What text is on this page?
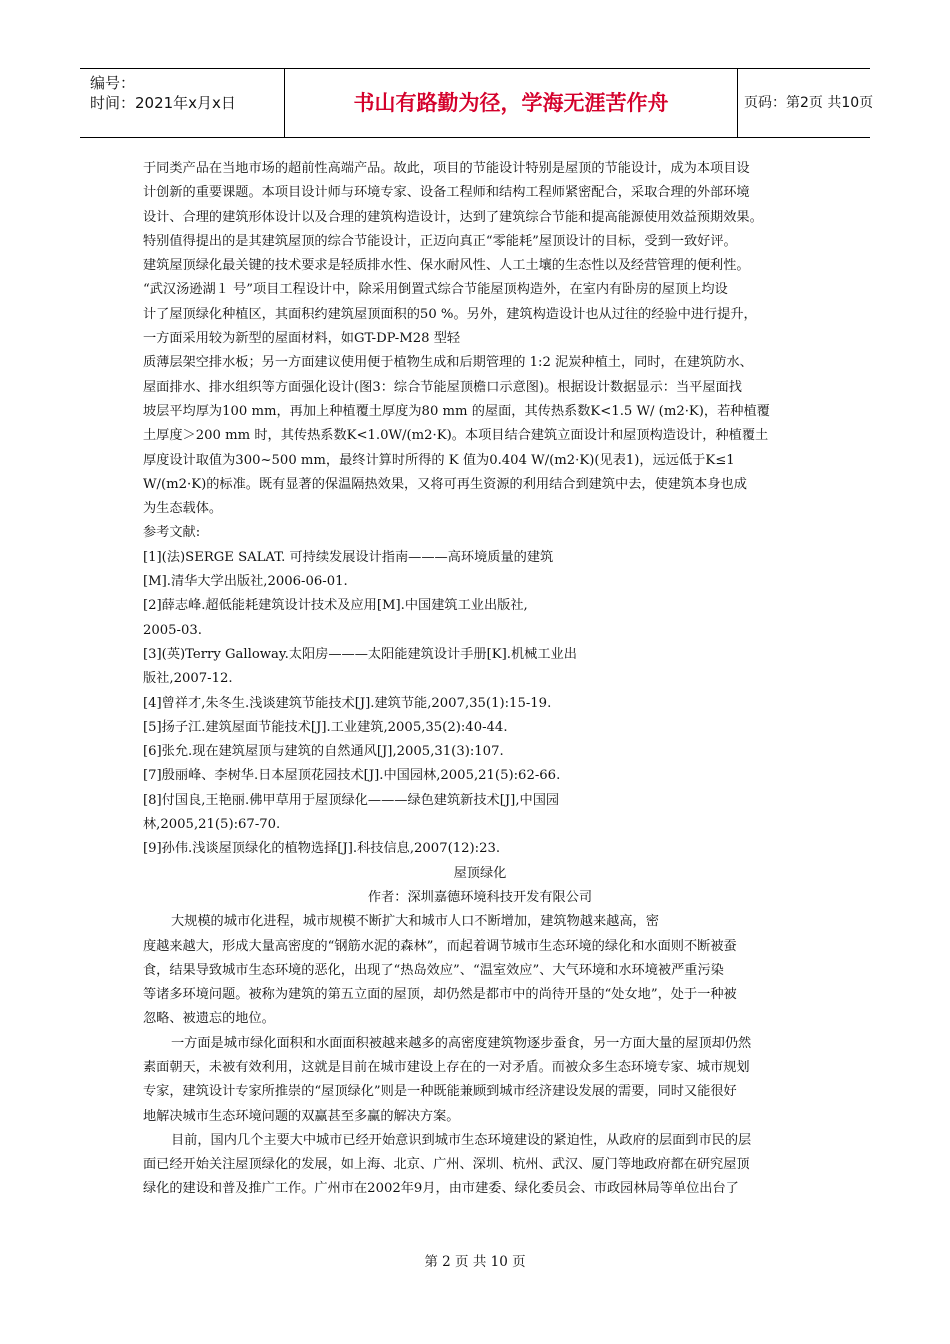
编号：
时间：2021年x月x日	书山有路勤为径，学海无涯苦作舟	页码：第2页 共10页
于同类产品在当地市场的超前性高端产品。故此，项目的节能设计特别是屋顶的节能设计，成为本项目设
计创新的重要课题。本项目设计师与环境专家、设备工程师和结构工程师紧密配合，采取合理的外部环境
设计、合理的建筑形体设计以及合理的建筑构造设计，达到了建筑综合节能和提高能源使用效益预期效果。
特别值得提出的是其建筑屋顶的综合节能设计，正迈向真正“零能耗”屋顶设计的目标，受到一致好评。
建筑屋顶绿化最关键的技术要求是轻质排水性、保水耐风性、人工土壤的生态性以及经营管理的便利性。
“武汉汤逊湖１ 号”项目工程设计中，除采用倒置式综合节能屋顶构造外，在室内有卧房的屋顶上均设
计了屋顶绿化种植区，其面积约建筑屋顶面积的50 %。另外，建筑构造设计也从过往的经验中进行提升，
一方面采用较为新型的屋面材料，如GT-DP-M28 型轻
质薄层架空排水板；另一方面建议使用便于植物生成和后期管理的 1:2 泥炭种植土，同时，在建筑防水、
屋面排水、排水组织等方面强化设计(图3：综合节能屋顶檐口示意图)。根据设计数据显示：当平屋面找
坡层平均厚为100 mm，再加上种植覆土厚度为80 mm 的屋面，其传热系数K<1.5 W/ (m2·K)，若种植覆
土厚度＞200 mm 时，其传热系数K<1.0W/(m2·K)。本项目结合建筑立面设计和屋顶构造设计，种植覆土
厚度设计取值为300~500 mm，最终计算时所得的 K 值为0.404 W/(m2·K)(见表1)，远远低于K≤1
W/(m2·K)的标准。既有显著的保温隔热效果，又将可再生资源的利用结合到建筑中去，使建筑本身也成
为生态载体。
参考文献:
[1](法)SERGE SALAT. 可持续发展设计指南———高环境质量的建筑
[M].清华大学出版社,2006-06-01.
[2]薛志峰.超低能耗建筑设计技术及应用[M].中国建筑工业出版社,
2005-03.
[3](英)Terry Galloway.太阳房———太阳能建筑设计手册[K].机械工业出
版社,2007-12.
[4]曾祥才,朱冬生.浅谈建筑节能技术[J].建筑节能,2007,35(1):15-19.
[5]扬子江.建筑屋面节能技术[J].工业建筑,2005,35(2):40-44.
[6]张允.现在建筑屋顶与建筑的自然通风[J],2005,31(3):107.
[7]殷丽峰、李树华.日本屋顶花园技术[J].中国园林,2005,21(5):62-66.
[8]付国良,王艳丽.佛甲草用于屋顶绿化———绿色建筑新技术[J],中国园
林,2005,21(5):67-70.
[9]孙伟.浅谈屋顶绿化的植物选择[J].科技信息,2007(12):23.
屋顶绿化
作者：深圳嘉德环境科技开发有限公司
大规模的城市化进程，城市规模不断扩大和城市人口不断增加，建筑物越来越高，密
度越来越大，形成大量高密度的“钢筋水泥的森林”，而起着调节城市生态环境的绿化和水面则不断被蚕
食，结果导致城市生态环境的恶化，出现了“热岛效应”、“温室效应”、大气环境和水环境被严重污染
等诸多环境问题。被称为建筑的第五立面的屋顶，却仍然是都市中的尚待开垦的“处女地”，处于一种被
忽略、被遗忘的地位。
一方面是城市绿化面积和水面面积被越来越多的高密度建筑物逐步蚕食，另一方面大量的屋顶却仍然
素面朝天，未被有效利用，这就是目前在城市建设上存在的一对矛盾。而被众多生态环境专家、城市规划
专家，建筑设计专家所推崇的“屋顶绿化”则是一种既能兼顾到城市经济建设发展的需要，同时又能很好
地解决城市生态环境问题的双赢甚至多赢的解决方案。
目前，国内几个主要大中城市已经开始意识到城市生态环境建设的紧迫性，从政府的层面到市民的层
面已经开始关注屋顶绿化的发展，如上海、北京、广州、深圳、杭州、武汉、厦门等地政府都在研究屋顶
绿化的建设和普及推广工作。广州市在2002年9月，由市建委、绿化委员会、市政园林局等单位出台了
第 2 页 共 10 页
